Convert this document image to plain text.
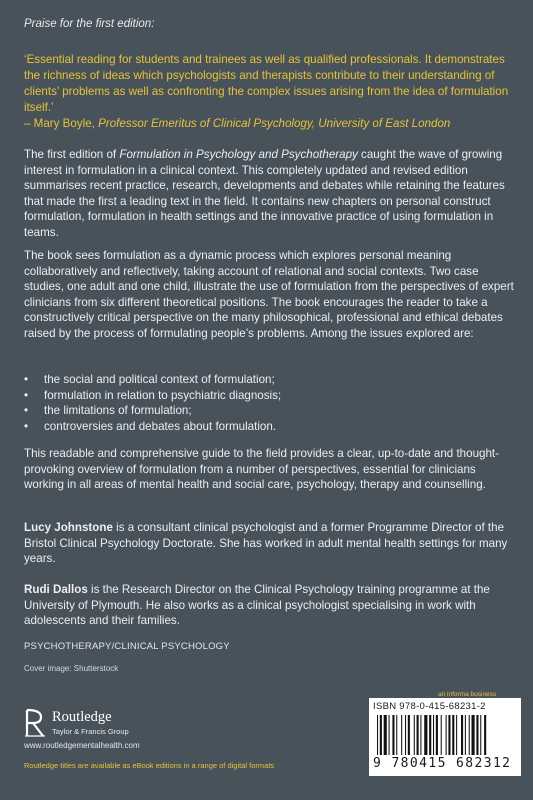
Praise for the first edition:
‘Essential reading for students and trainees as well as qualified professionals. It demonstrates the richness of ideas which psychologists and therapists contribute to their understanding of clients’ problems as well as confronting the complex issues arising from the idea of formulation itself.’
– Mary Boyle, Professor Emeritus of Clinical Psychology, University of East London

The first edition of Formulation in Psychology and Psychotherapy caught the wave of growing interest in formulation in a clinical context. This completely updated and revised edition summarises recent practice, research, developments and debates while retaining the features that made the first a leading text in the field. It contains new chapters on personal construct formulation, formulation in health settings and the innovative practice of using formulation in teams.

The book sees formulation as a dynamic process which explores personal meaning collaboratively and reflectively, taking account of relational and social contexts. Two case studies, one adult and one child, illustrate the use of formulation from the perspectives of expert clinicians from six different theoretical positions. The book encourages the reader to take a constructively critical perspective on the many philosophical, professional and ethical debates raised by the process of formulating people’s problems. Among the issues explored are:

• the social and political context of formulation;
• formulation in relation to psychiatric diagnosis;
• the limitations of formulation;
• controversies and debates about formulation.

This readable and comprehensive guide to the field provides a clear, up-to-date and thought-provoking overview of formulation from a number of perspectives, essential for clinicians working in all areas of mental health and social care, psychology, therapy and counselling.

Lucy Johnstone is a consultant clinical psychologist and a former Programme Director of the Bristol Clinical Psychology Doctorate. She has worked in adult mental health settings for many years.

Rudi Dallos is the Research Director on the Clinical Psychology training programme at the University of Plymouth. He also works as a clinical psychologist specialising in work with adolescents and their families.

PSYCHOTHERAPY/CLINICAL PSYCHOLOGY
Cover image: Shutterstock
Routledge
Taylor & Francis Group
www.routledgementalhealth.com
Routledge titles are available as eBook editions in a range of digital formats
an informa business
ISBN 978-0-415-68231-2
9 780415 682312
